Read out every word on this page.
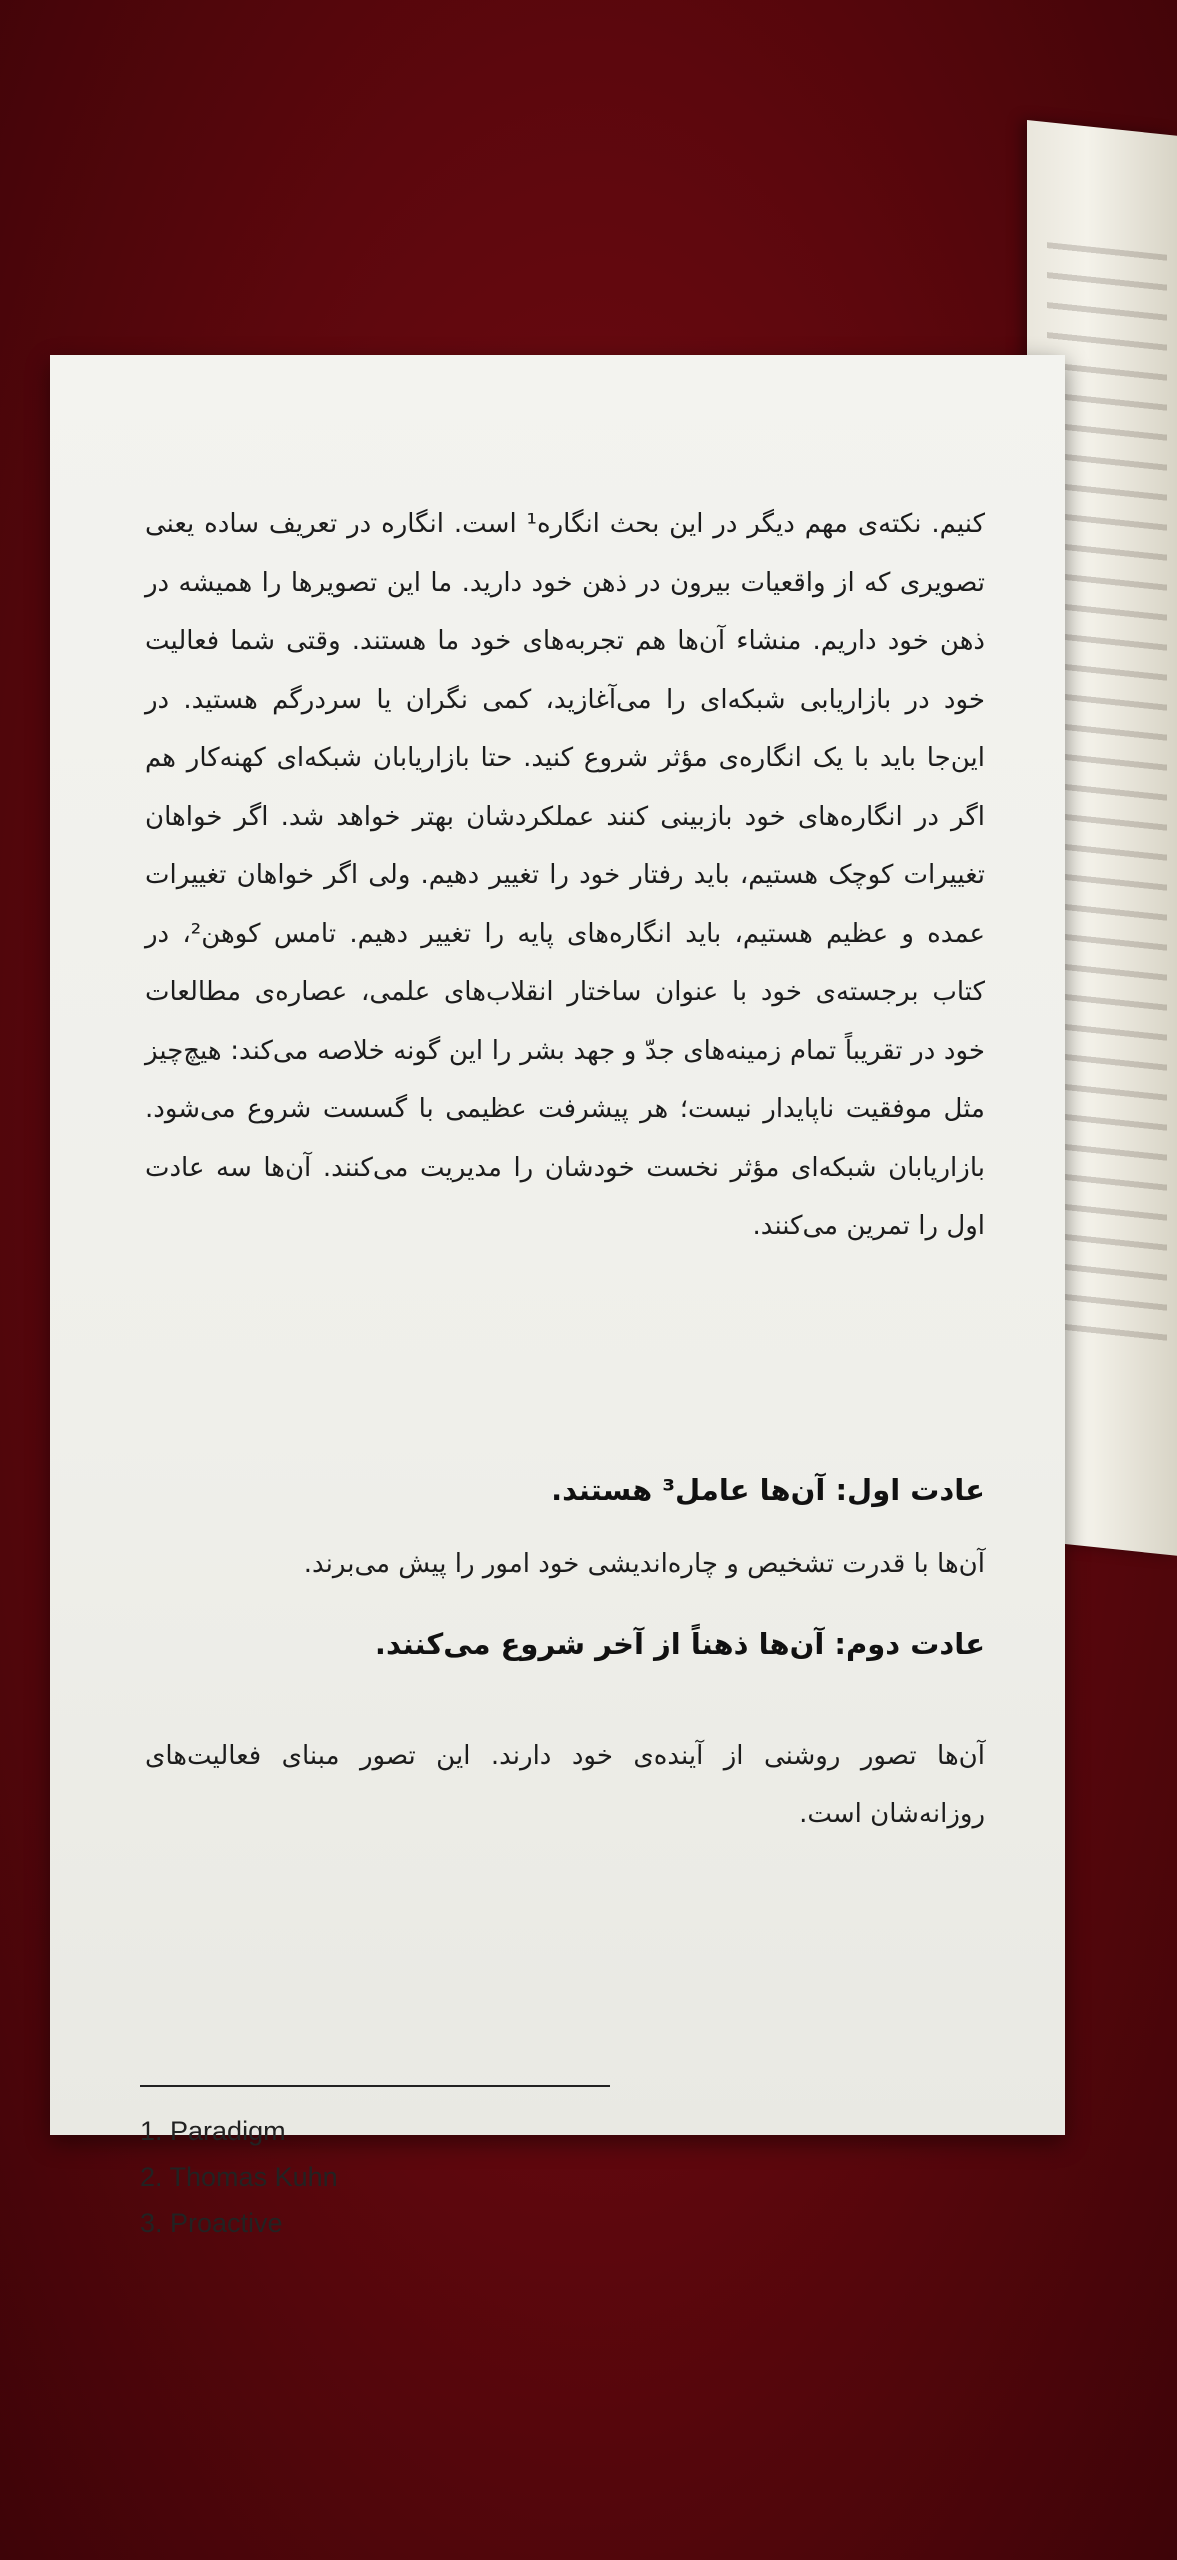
کنیم. نکته‌ی مهم دیگر در این بحث انگاره¹ است. انگاره در تعریف ساده یعنی تصویری که از واقعیات بیرون در ذهن خود دارید. ما این تصویرها را همیشه در ذهن خود داریم. منشاء آن‌ها هم تجربه‌های خود ما هستند. وقتی شما فعالیت خود در بازاریابی شبکه‌ای را می‌آغازید، کمی نگران یا سردرگم هستید. در این‌جا باید با یک انگاره‌ی مؤثر شروع کنید. حتا بازاریابان شبکه‌ای کهنه‌کار هم اگر در انگاره‌های خود بازبینی کنند عملکردشان بهتر خواهد شد. اگر خواهان تغییرات کوچک هستیم، باید رفتار خود را تغییر دهیم. ولی اگر خواهان تغییرات عمده و عظیم هستیم، باید انگاره‌های پایه را تغییر دهیم. تامس کوهن²، در کتاب برجسته‌ی خود با عنوان ساختار انقلاب‌های علمی، عصاره‌ی مطالعات خود در تقریباً تمام زمینه‌های جدّ و جهد بشر را این گونه خلاصه می‌کند: هیچ‌چیز مثل موفقیت ناپایدار نیست؛ هر پیشرفت عظیمی با گسست شروع می‌شود. بازاریابان شبکه‌ای مؤثر نخست خودشان را مدیریت می‌کنند. آن‌ها سه عادت اول را تمرین می‌کنند.

عادت اول: آن‌ها عامل³ هستند.
آن‌ها با قدرت تشخیص و چاره‌اندیشی خود امور را پیش می‌برند.
عادت دوم: آن‌ها ذهناً از آخر شروع می‌کنند.
آن‌ها تصور روشنی از آینده‌ی خود دارند. این تصور مبنای فعالیت‌های روزانه‌شان است.
1. Paradigm
2. Thomas Kuhn
3. Proactive
